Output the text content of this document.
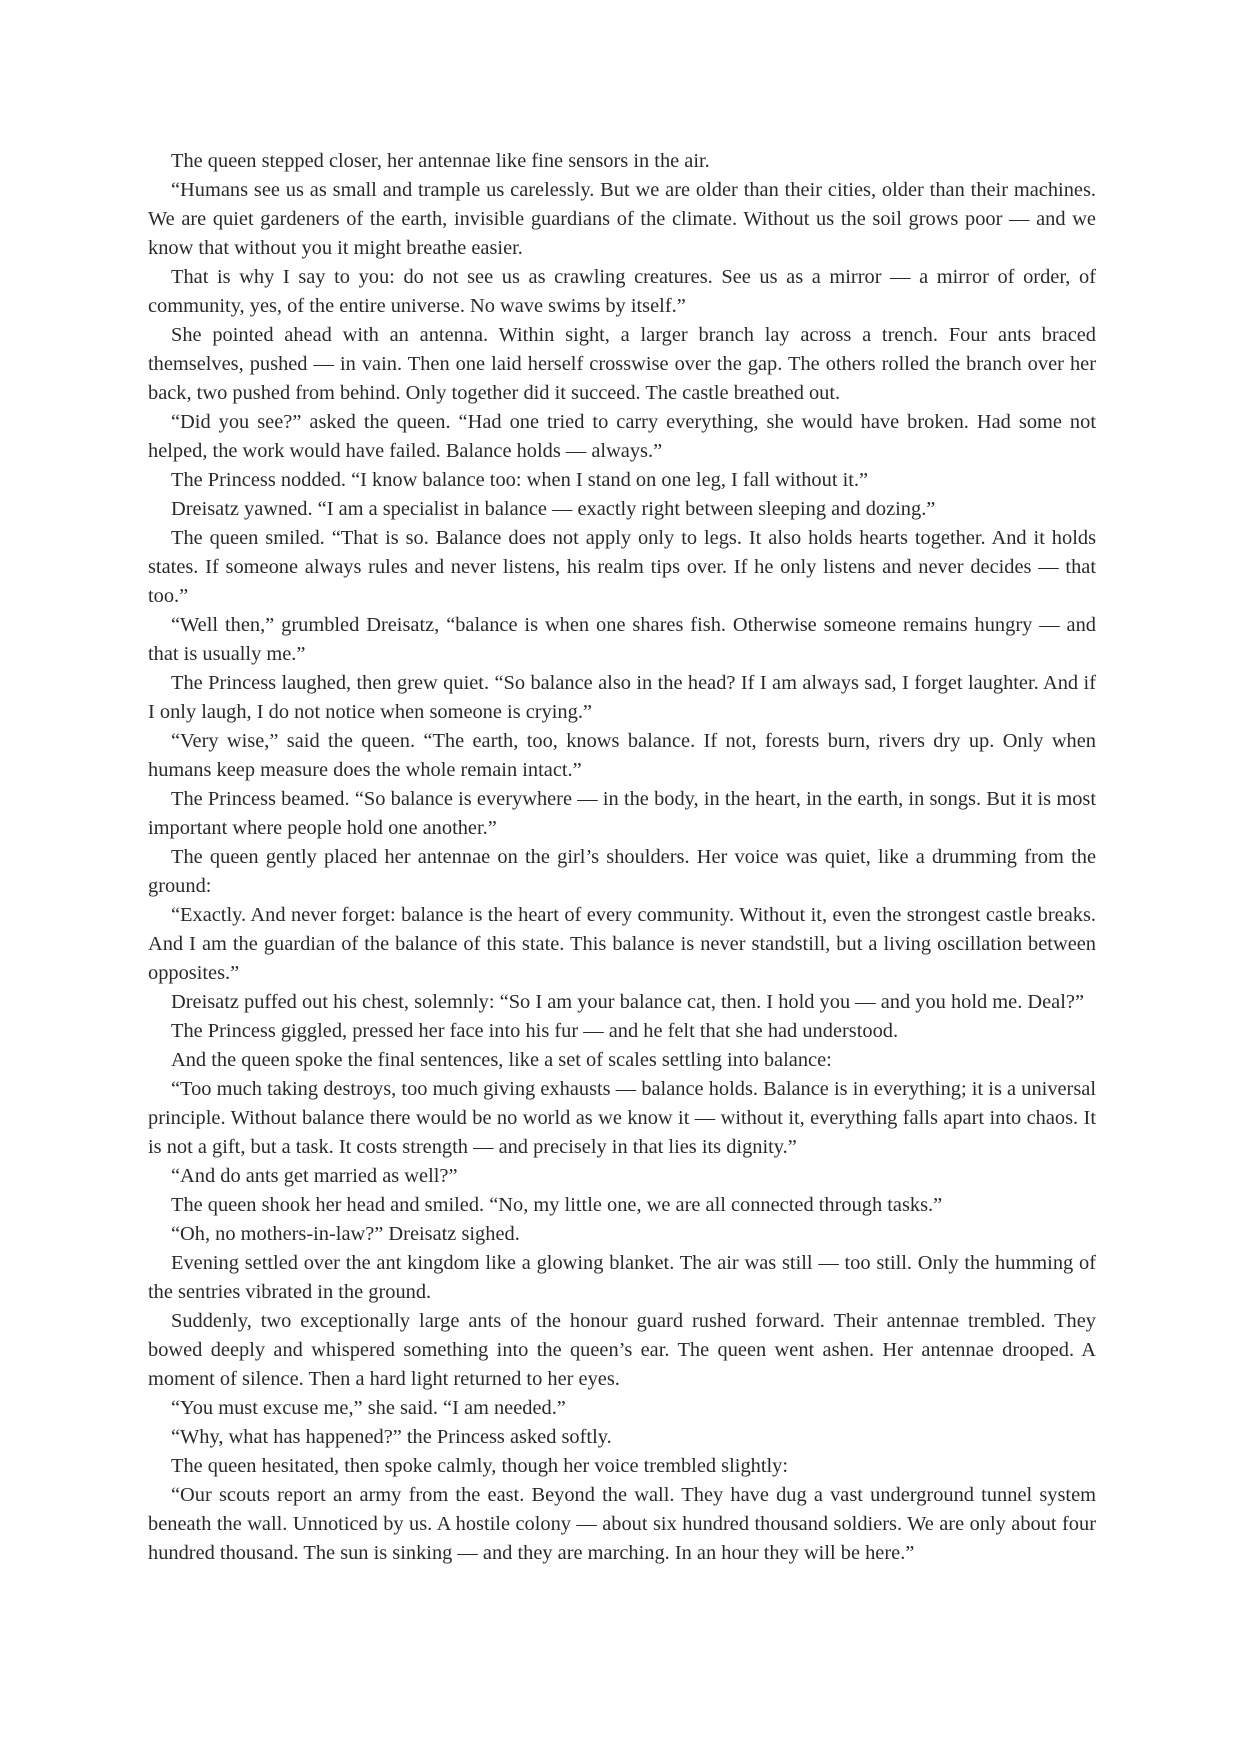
The queen stepped closer, her antennae like fine sensors in the air.

“Humans see us as small and trample us carelessly. But we are older than their cities, older than their machines. We are quiet gardeners of the earth, invisible guardians of the climate. Without us the soil grows poor — and we know that without you it might breathe easier.

That is why I say to you: do not see us as crawling creatures. See us as a mirror — a mirror of order, of community, yes, of the entire universe. No wave swims by itself.”

She pointed ahead with an antenna. Within sight, a larger branch lay across a trench. Four ants braced themselves, pushed — in vain. Then one laid herself crosswise over the gap. The others rolled the branch over her back, two pushed from behind. Only together did it succeed. The castle breathed out.

“Did you see?” asked the queen. “Had one tried to carry everything, she would have broken. Had some not helped, the work would have failed. Balance holds — always.”

The Princess nodded. “I know balance too: when I stand on one leg, I fall without it.”

Dreisatz yawned. “I am a specialist in balance — exactly right between sleeping and dozing.”

The queen smiled. “That is so. Balance does not apply only to legs. It also holds hearts together. And it holds states. If someone always rules and never listens, his realm tips over. If he only listens and never decides — that too.”

“Well then,” grumbled Dreisatz, “balance is when one shares fish. Otherwise someone remains hungry — and that is usually me.”

The Princess laughed, then grew quiet. “So balance also in the head? If I am always sad, I forget laughter. And if I only laugh, I do not notice when someone is crying.”

“Very wise,” said the queen. “The earth, too, knows balance. If not, forests burn, rivers dry up. Only when humans keep measure does the whole remain intact.”

The Princess beamed. “So balance is everywhere — in the body, in the heart, in the earth, in songs. But it is most important where people hold one another.”

The queen gently placed her antennae on the girl’s shoulders. Her voice was quiet, like a drumming from the ground:

“Exactly. And never forget: balance is the heart of every community. Without it, even the strongest castle breaks. And I am the guardian of the balance of this state. This balance is never standstill, but a living oscillation between opposites.”

Dreisatz puffed out his chest, solemnly: “So I am your balance cat, then. I hold you — and you hold me. Deal?”

The Princess giggled, pressed her face into his fur — and he felt that she had understood.

And the queen spoke the final sentences, like a set of scales settling into balance:

“Too much taking destroys, too much giving exhausts — balance holds. Balance is in everything; it is a universal principle. Without balance there would be no world as we know it — without it, everything falls apart into chaos. It is not a gift, but a task. It costs strength — and precisely in that lies its dignity.”

“And do ants get married as well?”

The queen shook her head and smiled. “No, my little one, we are all connected through tasks.”

“Oh, no mothers-in-law?” Dreisatz sighed.

Evening settled over the ant kingdom like a glowing blanket. The air was still — too still. Only the humming of the sentries vibrated in the ground.

Suddenly, two exceptionally large ants of the honour guard rushed forward. Their antennae trembled. They bowed deeply and whispered something into the queen’s ear. The queen went ashen. Her antennae drooped. A moment of silence. Then a hard light returned to her eyes.

“You must excuse me,” she said. “I am needed.”

“Why, what has happened?” the Princess asked softly.

The queen hesitated, then spoke calmly, though her voice trembled slightly:

“Our scouts report an army from the east. Beyond the wall. They have dug a vast underground tunnel system beneath the wall. Unnoticed by us. A hostile colony — about six hundred thousand soldiers. We are only about four hundred thousand. The sun is sinking — and they are marching. In an hour they will be here.”
